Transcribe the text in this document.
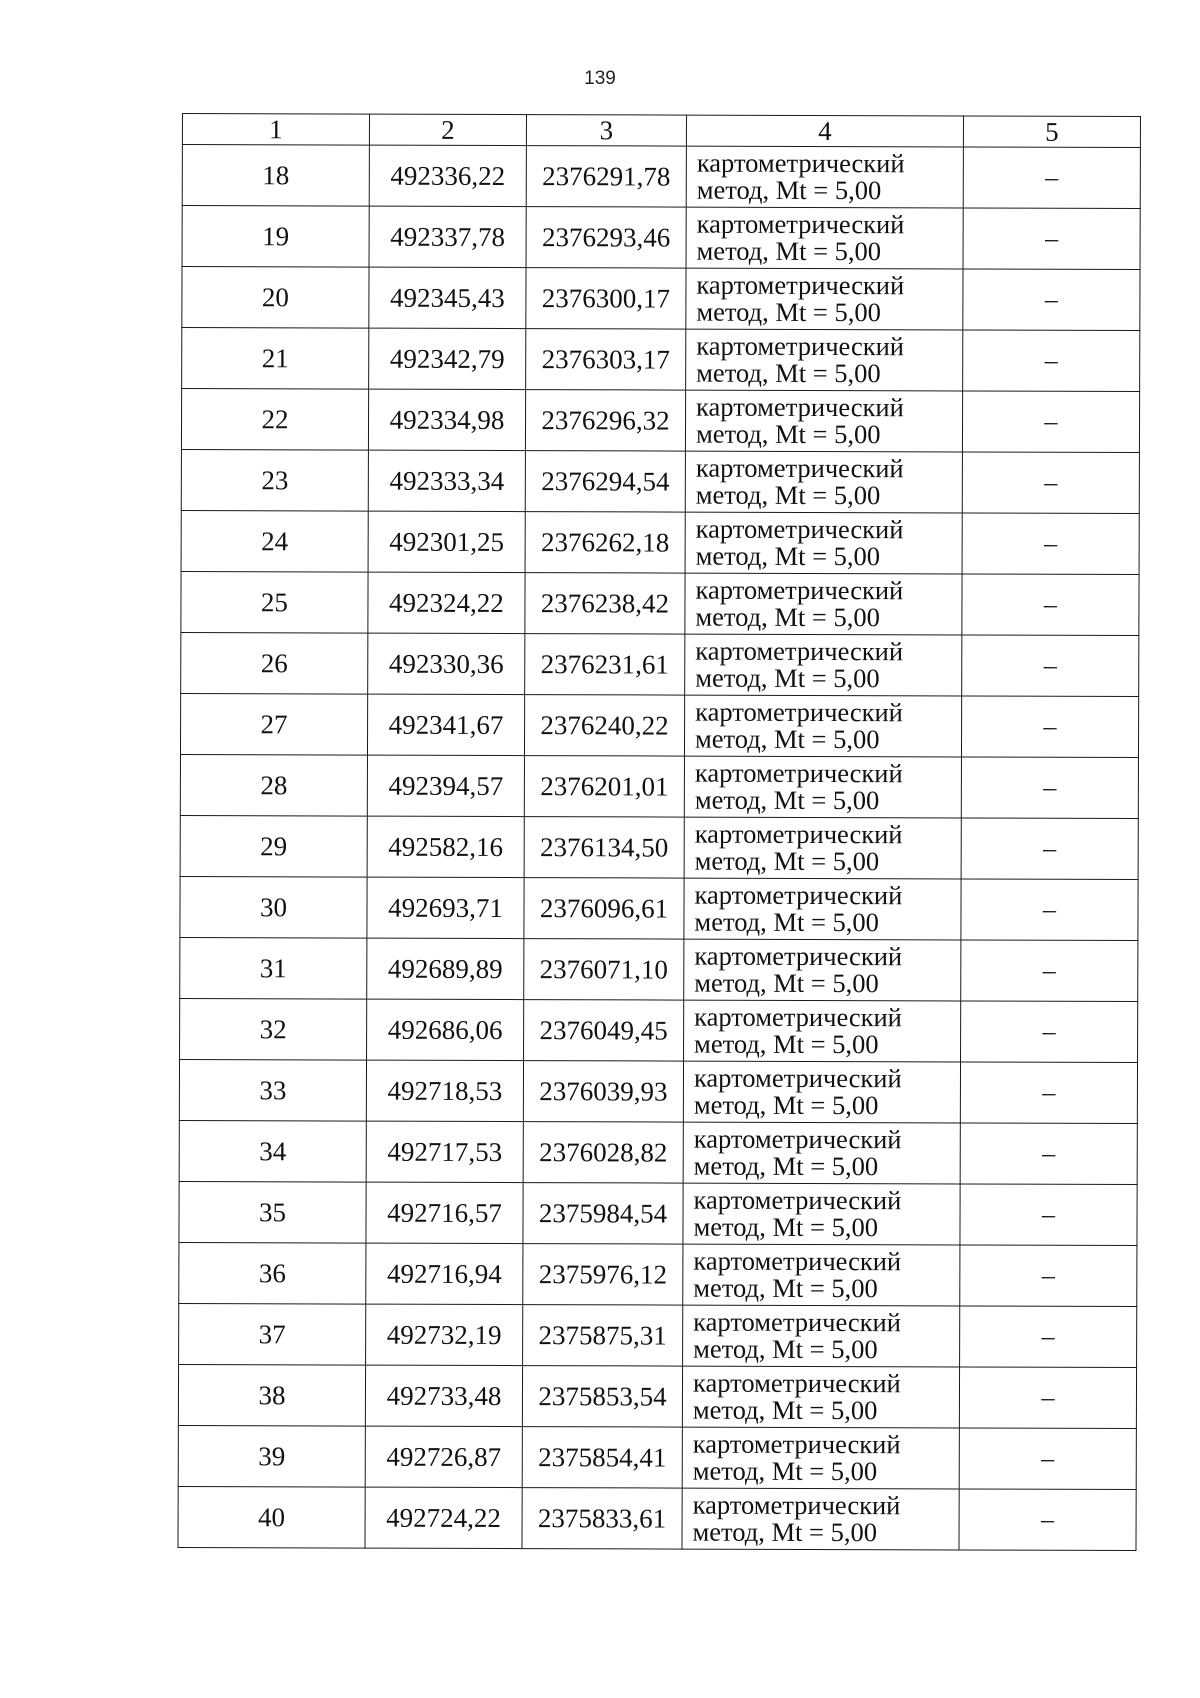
139
1	2	3	4	5
18	492336,22	2376291,78	картометрический
метод, Mt = 5,00	–
19	492337,78	2376293,46	картометрический
метод, Mt = 5,00	–
20	492345,43	2376300,17	картометрический
метод, Mt = 5,00	–
21	492342,79	2376303,17	картометрический
метод, Mt = 5,00	–
22	492334,98	2376296,32	картометрический
метод, Mt = 5,00	–
23	492333,34	2376294,54	картометрический
метод, Mt = 5,00	–
24	492301,25	2376262,18	картометрический
метод, Mt = 5,00	–
25	492324,22	2376238,42	картометрический
метод, Mt = 5,00	–
26	492330,36	2376231,61	картометрический
метод, Mt = 5,00	–
27	492341,67	2376240,22	картометрический
метод, Mt = 5,00	–
28	492394,57	2376201,01	картометрический
метод, Mt = 5,00	–
29	492582,16	2376134,50	картометрический
метод, Mt = 5,00	–
30	492693,71	2376096,61	картометрический
метод, Mt = 5,00	–
31	492689,89	2376071,10	картометрический
метод, Mt = 5,00	–
32	492686,06	2376049,45	картометрический
метод, Mt = 5,00	–
33	492718,53	2376039,93	картометрический
метод, Mt = 5,00	–
34	492717,53	2376028,82	картометрический
метод, Mt = 5,00	–
35	492716,57	2375984,54	картометрический
метод, Mt = 5,00	–
36	492716,94	2375976,12	картометрический
метод, Mt = 5,00	–
37	492732,19	2375875,31	картометрический
метод, Mt = 5,00	–
38	492733,48	2375853,54	картометрический
метод, Mt = 5,00	–
39	492726,87	2375854,41	картометрический
метод, Mt = 5,00	–
40	492724,22	2375833,61	картометрический
метод, Mt = 5,00	–
